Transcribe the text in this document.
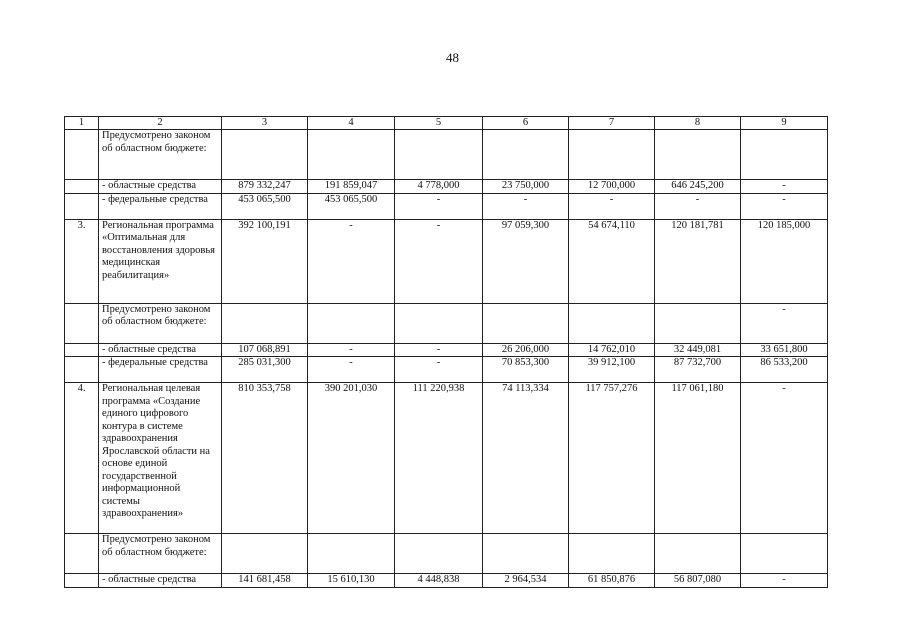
48
1	2	3	4	5	6	7	8	9
	Предусмотрено законом об областном бюджете:							
	- областные средства	879 332,247	191 859,047	4 778,000	23 750,000	12 700,000	646 245,200	-
	- федеральные средства	453 065,500	453 065,500	-	-	-	-	-
3.	Региональная программа «Оптимальная для восстановления здоровья медицинская реабилитация»	392 100,191	-	-	97 059,300	54 674,110	120 181,781	120 185,000
	Предусмотрено законом об областном бюджете:							-
	- областные средства	107 068,891	-	-	26 206,000	14 762,010	32 449,081	33 651,800
	- федеральные средства	285 031,300	-	-	70 853,300	39 912,100	87 732,700	86 533,200
4.	Региональная целевая программа «Создание единого цифрового контура в системе здравоохранения Ярославской области на основе единой государственной информационной системы здравоохранения»	810 353,758	390 201,030	111 220,938	74 113,334	117 757,276	117 061,180	-
	Предусмотрено законом об областном бюджете:							
	- областные средства	141 681,458	15 610,130	4 448,838	2 964,534	61 850,876	56 807,080	-
